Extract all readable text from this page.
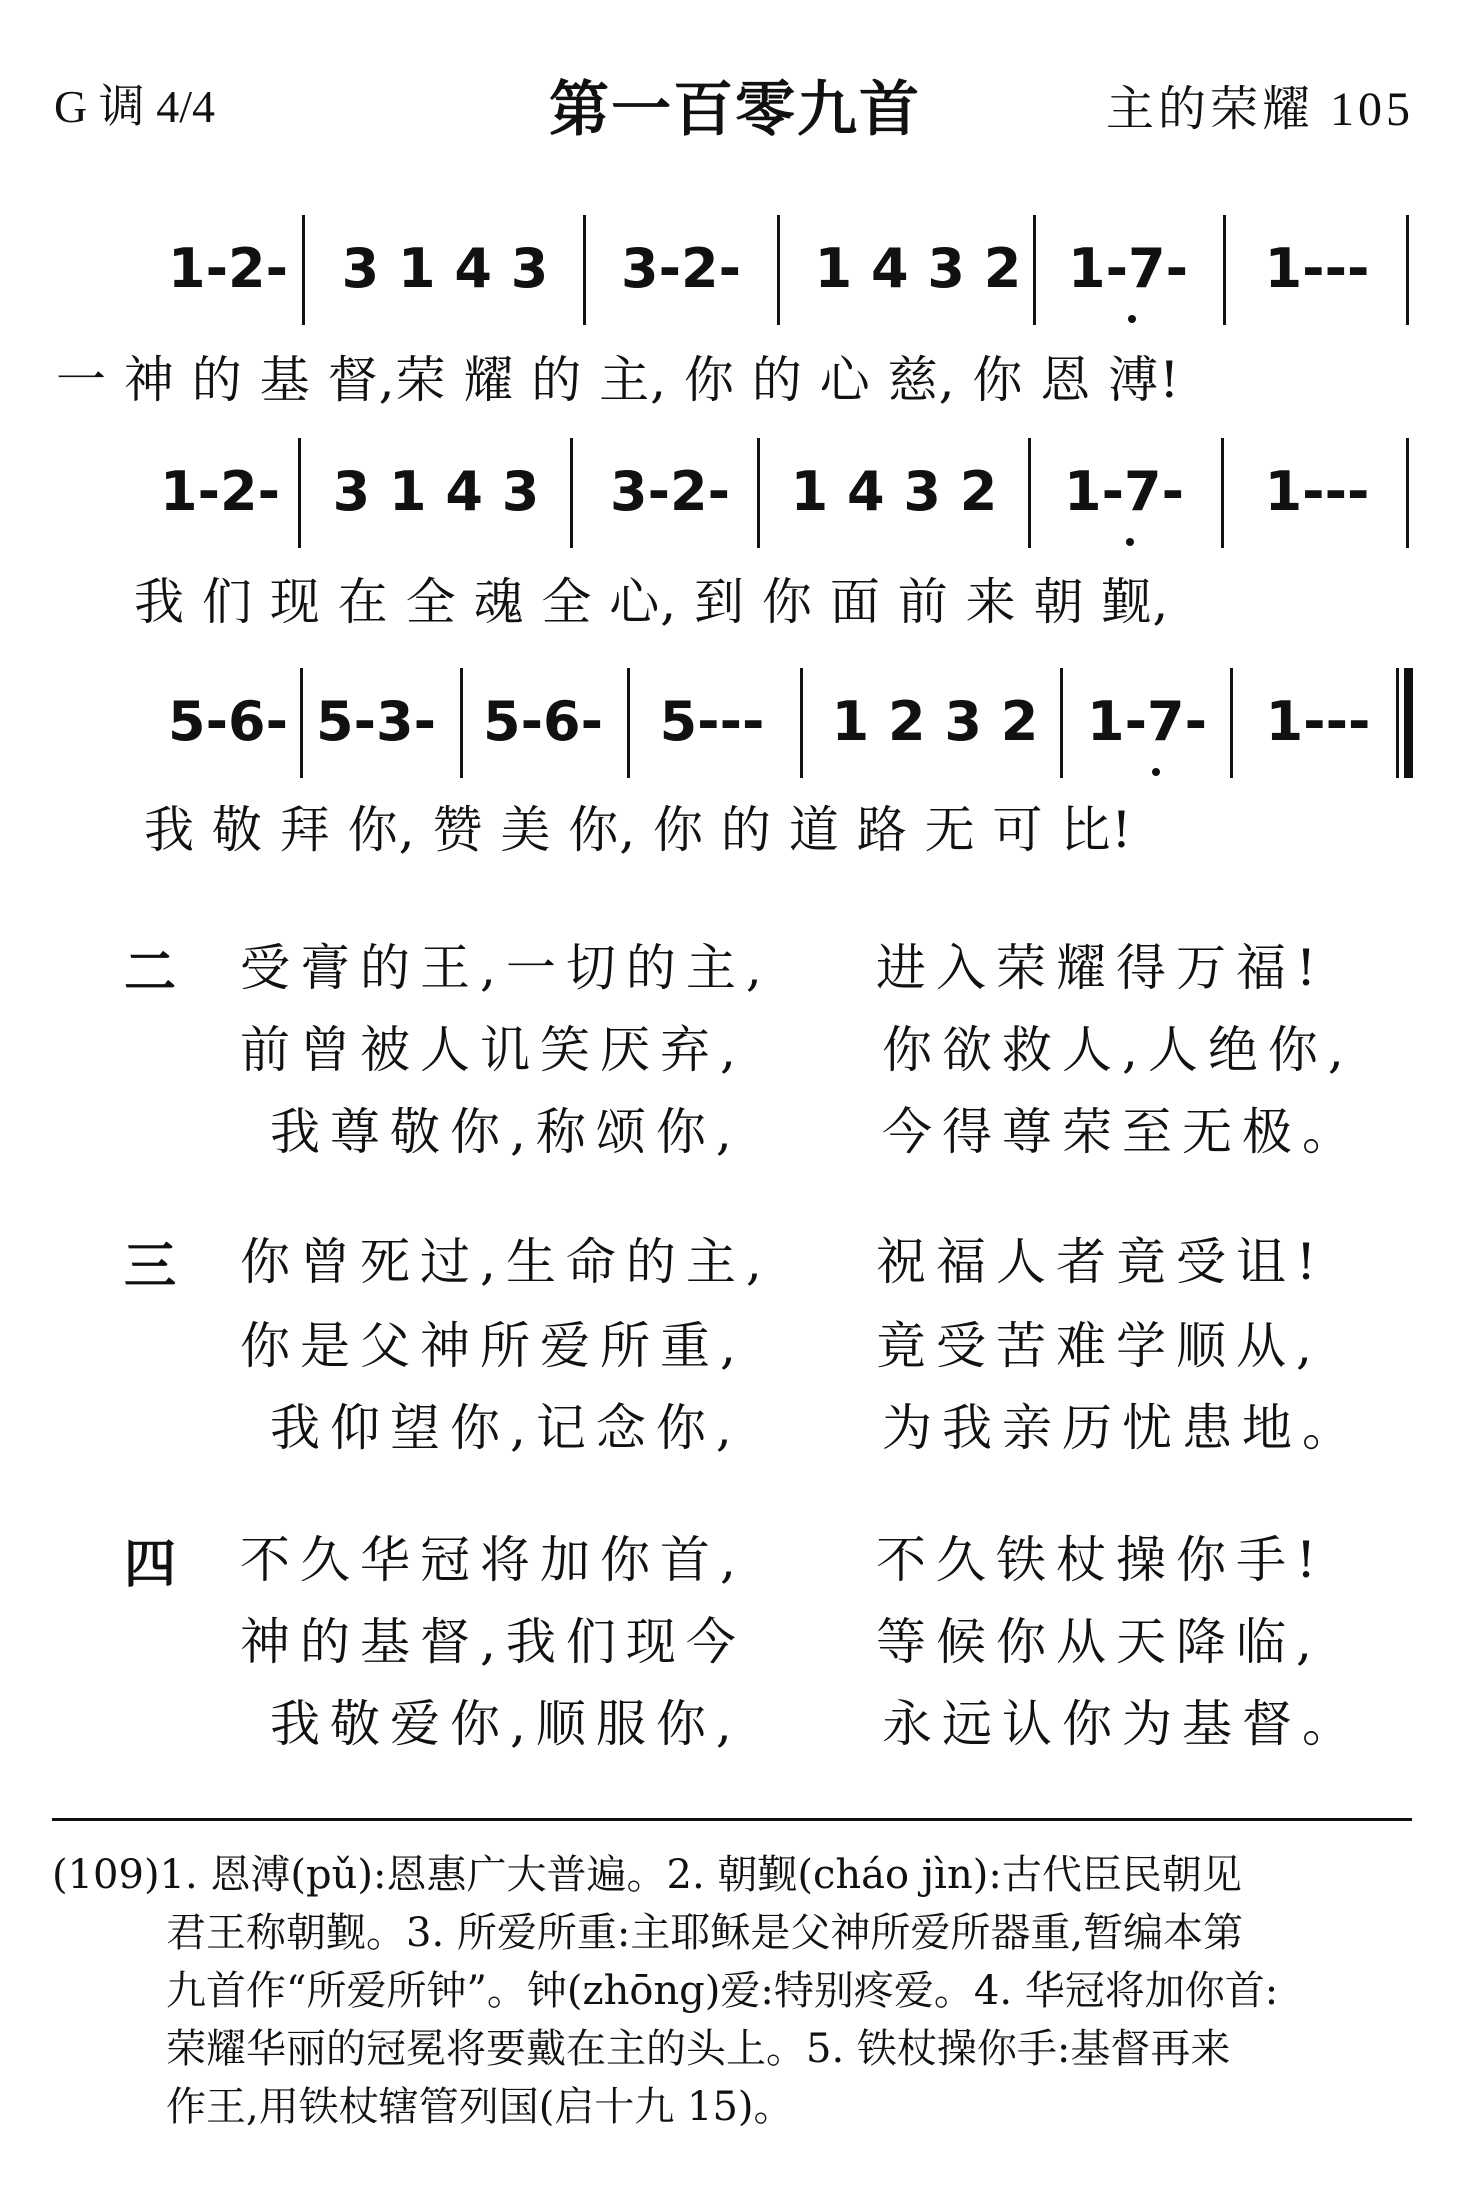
G 调 4/4	第一百零九首	主的荣耀 105
1-2- 3 1 4 3 3-2- 1 4 3 2 1-7- 1---
一 神 的 基 督,荣 耀 的 主, 你 的 心 慈, 你 恩 溥!
1-2- 3 1 4 3 3-2- 1 4 3 2 1-7- 1---
我 们 现 在 全 魂 全 心, 到 你 面 前 来 朝 觐,
5-6- 5-3- 5-6- 5--- 1 2 3 2 1-7- 1---
我 敬 拜 你, 赞 美 你, 你 的 道 路 无 可 比!
二 受膏的王,一切的主, 进入荣耀得万福!
前曾被人讥笑厌弃,	你欲救人,人绝你,
我尊敬你,称颂你,	今得尊荣至无极。
三 你曾死过,生命的主, 祝福人者竟受诅!
你是父神所爱所重,	竟受苦难学顺从,
我仰望你,记念你,	为我亲历忧患地。
四 不久华冠将加你首,	不久铁杖操你手!
神的基督,我们现今	等候你从天降临,
我敬爱你,顺服你,	永远认你为基督。
(109)1. 恩溥(pǔ):恩惠广大普遍。2. 朝觐(cháo jìn):古代臣民朝见
君王称朝觐。3. 所爱所重:主耶稣是父神所爱所器重,暂编本第
九首作“所爱所钟”。钟(zhōng)爱:特别疼爱。4. 华冠将加你首:
荣耀华丽的冠冕将要戴在主的头上。5. 铁杖操你手:基督再来
作王,用铁杖辖管列国(启十九 15)。
